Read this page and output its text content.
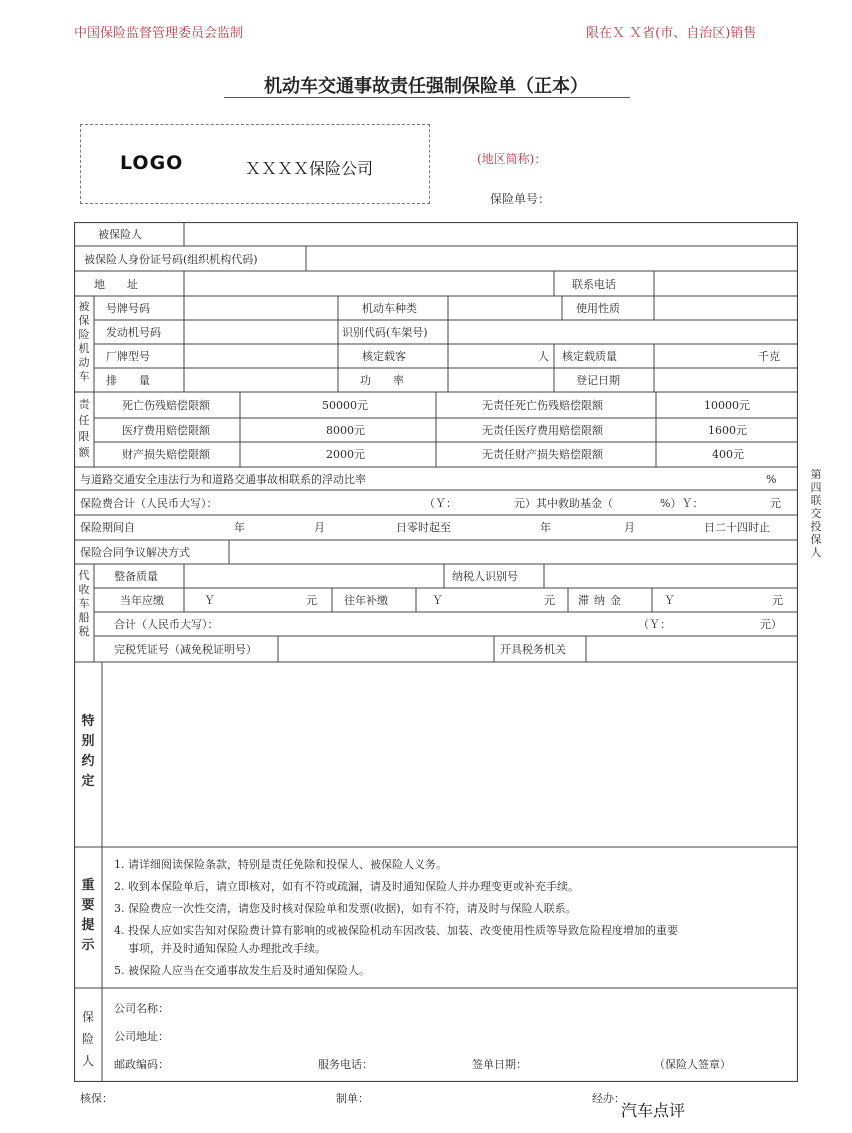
中国保险监督管理委员会监制	限在Ｘ Ｘ省(市、自治区)销售
机动车交通事故责任强制保险单（正本）
LOGO	ＸＸＸＸ保险公司	(地区简称)：
保险单号：
被保险人
被保险人身份证号码(组织机构代码)
地　　址	联系电话
被保险机动车
号牌号码	机动车种类	使用性质
发动机号码	识别代码(车架号)
厂牌型号	核定载客	人 核定载质量	千克
排　　量	功　　率	登记日期
责任限额
死亡伤残赔偿限额	50000元	无责任死亡伤残赔偿限额	10000元
医疗费用赔偿限额	8000元	无责任医疗费用赔偿限额	1600元
财产损失赔偿限额	2000元	无责任财产损失赔偿限额	400元
与道路交通安全违法行为和道路交通事故相联系的浮动比率	%
保险费合计（人民币大写）：	（Ｙ：	元）其中救助基金（	%）Ｙ：	元
保险期间自	年	月	日零时起至	年	月	日二十四时止
保险合同争议解决方式
代收车船税
整备质量	纳税人识别号
当年应缴	Ｙ	元 往年补缴	Ｙ	元 滞纳金	Ｙ	元
合计（人民币大写）：	（Ｙ：	元）
完税凭证号（减免税证明号）	开具税务机关
特别约定
重要提示
1. 请详细阅读保险条款，特别是责任免除和投保人、被保险人义务。
2. 收到本保险单后，请立即核对，如有不符或疏漏，请及时通知保险人并办理变更或补充手续。
3. 保险费应一次性交清，请您及时核对保险单和发票(收据)，如有不符，请及时与保险人联系。
4. 投保人应如实告知对保险费计算有影响的或被保险机动车因改装、加装、改变使用性质等导致危险程度增加的重要
事项，并及时通知保险人办理批改手续。
5. 被保险人应当在交通事故发生后及时通知保险人。
保险人
公司名称：
公司地址：
邮政编码：	服务电话：	签单日期：	（保险人签章）
核保：	制单：	经办：
第四联　交投保人
汽车点评
